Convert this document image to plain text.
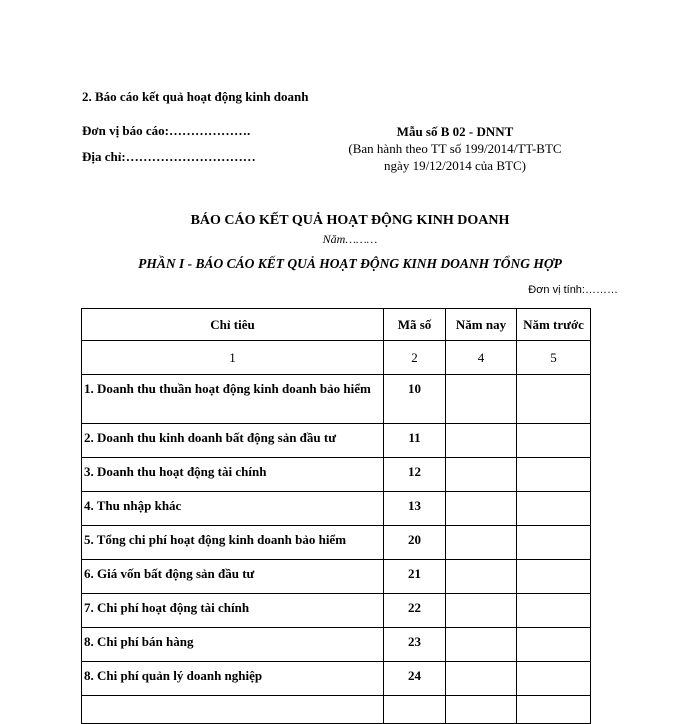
2. Báo cáo kết quả hoạt động kinh doanh
Đơn vị báo cáo:……………….
Địa chỉ:…………………………
Mẫu số B 02 - DNNT
(Ban hành theo TT số 199/2014/TT-BTC
ngày 19/12/2014 của BTC)
BÁO CÁO KẾT QUẢ HOẠT ĐỘNG KINH DOANH
Năm………
PHẦN I - BÁO CÁO KẾT QUẢ HOẠT ĐỘNG KINH DOANH TỔNG HỢP
Đơn vị tính:………
Chỉ tiêu	Mã số	Năm nay	Năm trước
1	2	4	5
1. Doanh thu thuần hoạt động kinh doanh bảo hiểm	10		
2. Doanh thu kinh doanh bất động sản đầu tư	11		
3. Doanh thu hoạt động tài chính	12		
4. Thu nhập khác	13		
5. Tổng chi phí hoạt động kinh doanh bảo hiểm	20		
6. Giá vốn bất động sản đầu tư	21		
7. Chi phí hoạt động tài chính	22		
8. Chi phí bán hàng	23		
8. Chi phí quản lý doanh nghiệp	24		
